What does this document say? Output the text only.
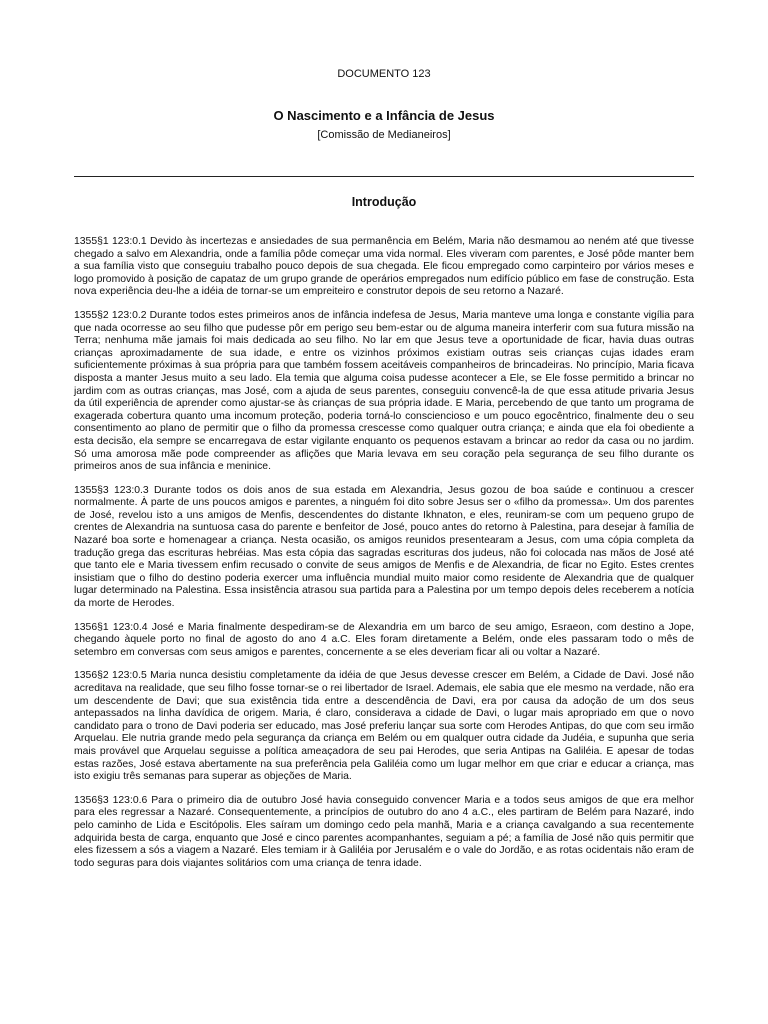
DOCUMENTO 123
O Nascimento e a Infância de Jesus
[Comissão de Medianeiros]
Introdução

1355§1 123:0.1 Devido às incertezas e ansiedades de sua permanência em Belém, Maria não desmamou ao neném até que tivesse chegado a salvo em Alexandria, onde a família pôde começar uma vida normal. Eles viveram com parentes, e José pôde manter bem a sua família visto que conseguiu trabalho pouco depois de sua chegada. Ele ficou empregado como carpinteiro por vários meses e logo promovido à posição de capataz de um grupo grande de operários empregados num edifício público em fase de construção. Esta nova experiência deu-lhe a idéia de tornar-se um empreiteiro e construtor depois de seu retorno a Nazaré.

1355§2 123:0.2 Durante todos estes primeiros anos de infância indefesa de Jesus, Maria manteve uma longa e constante vigília para que nada ocorresse ao seu filho que pudesse pôr em perigo seu bem-estar ou de alguma maneira interferir com sua futura missão na Terra; nenhuma mãe jamais foi mais dedicada ao seu filho. No lar em que Jesus teve a oportunidade de ficar, havia duas outras crianças aproximadamente de sua idade, e entre os vizinhos próximos existiam outras seis crianças cujas idades eram suficientemente próximas à sua própria para que também fossem aceitáveis companheiros de brincadeiras. No princípio, Maria ficava disposta a manter Jesus muito a seu lado. Ela temia que alguma coisa pudesse acontecer a Ele, se Ele fosse permitido a brincar no jardim com as outras crianças, mas José, com a ajuda de seus parentes, conseguiu convencê-la de que essa atitude privaria Jesus da útil experiência de aprender como ajustar-se às crianças de sua própria idade. E Maria, percebendo de que tanto um programa de exagerada cobertura quanto uma incomum proteção, poderia torná-lo consciencioso e um pouco egocêntrico, finalmente deu o seu consentimento ao plano de permitir que o filho da promessa crescesse como qualquer outra criança; e ainda que ela foi obediente a esta decisão, ela sempre se encarregava de estar vigilante enquanto os pequenos estavam a brincar ao redor da casa ou no jardim. Só uma amorosa mãe pode compreender as aflições que Maria levava em seu coração pela segurança de seu filho durante os primeiros anos de sua infância e meninice.

1355§3 123:0.3 Durante todos os dois anos de sua estada em Alexandria, Jesus gozou de boa saúde e continuou a crescer normalmente. À parte de uns poucos amigos e parentes, a ninguém foi dito sobre Jesus ser o «filho da promessa». Um dos parentes de José, revelou isto a uns amigos de Menfis, descendentes do distante Ikhnaton, e eles, reuniram-se com um pequeno grupo de crentes de Alexandria na suntuosa casa do parente e benfeitor de José, pouco antes do retorno à Palestina, para desejar à família de Nazaré boa sorte e homenagear a criança. Nesta ocasião, os amigos reunidos presentearam a Jesus, com uma cópia completa da tradução grega das escrituras hebréias. Mas esta cópia das sagradas escrituras dos judeus, não foi colocada nas mãos de José até que tanto ele e Maria tivessem enfim recusado o convite de seus amigos de Menfis e de Alexandria, de ficar no Egito. Estes crentes insistiam que o filho do destino poderia exercer uma influência mundial muito maior como residente de Alexandria que de qualquer lugar determinado na Palestina. Essa insistência atrasou sua partida para a Palestina por um tempo depois deles receberem a notícia da morte de Herodes.

1356§1 123:0.4 José e Maria finalmente despediram-se de Alexandria em um barco de seu amigo, Esraeon, com destino a Jope, chegando àquele porto no final de agosto do ano 4 a.C. Eles foram diretamente a Belém, onde eles passaram todo o mês de setembro em conversas com seus amigos e parentes, concernente a se eles deveriam ficar ali ou voltar a Nazaré.

1356§2 123:0.5 Maria nunca desistiu completamente da idéia de que Jesus devesse crescer em Belém, a Cidade de Davi. José não acreditava na realidade, que seu filho fosse tornar-se o rei libertador de Israel. Ademais, ele sabia que ele mesmo na verdade, não era um descendente de Davi; que sua existência tida entre a descendência de Davi, era por causa da adoção de um dos seus antepassados na linha davídica de origem. Maria, é claro, considerava a cidade de Davi, o lugar mais apropriado em que o novo candidato para o trono de Davi poderia ser educado, mas José preferiu lançar sua sorte com Herodes Antipas, do que com seu irmão Arquelau. Ele nutria grande medo pela segurança da criança em Belém ou em qualquer outra cidade da Judéia, e supunha que seria mais provável que Arquelau seguisse a política ameaçadora de seu pai Herodes, que seria Antipas na Galiléia. E apesar de todas estas razões, José estava abertamente na sua preferência pela Galiléia como um lugar melhor em que criar e educar a criança, mas isto exigiu três semanas para superar as objeções de Maria.

1356§3 123:0.6 Para o primeiro dia de outubro José havia conseguido convencer Maria e a todos seus amigos de que era melhor para eles regressar a Nazaré. Consequentemente, a princípios de outubro do ano 4 a.C., eles partiram de Belém para Nazaré, indo pelo caminho de Lida e Escitópolis. Eles saíram um domingo cedo pela manhã, Maria e a criança cavalgando a sua recentemente adquirida besta de carga, enquanto que José e cinco parentes acompanhantes, seguiam a pé; a família de José não quis permitir que eles fizessem a sós a viagem a Nazaré. Eles temiam ir à Galiléia por Jerusalém e o vale do Jordão, e as rotas ocidentais não eram de todo seguras para dois viajantes solitários com uma criança de tenra idade.
